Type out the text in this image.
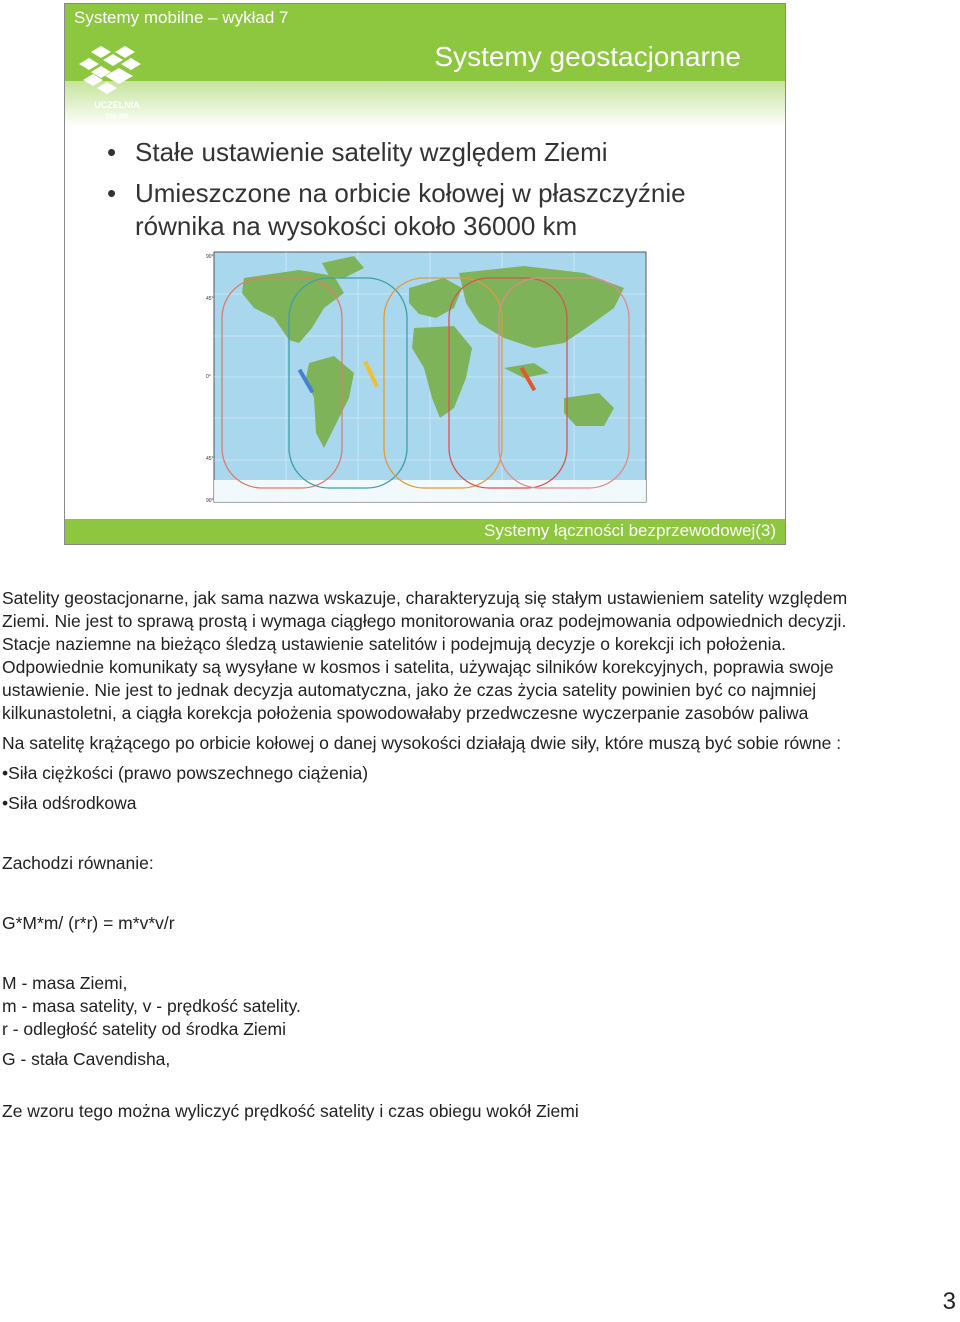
Systemy mobilne – wykład 7
Systemy geostacjonarne
UCZELNIA
ONLINE
• Stałe ustawienie satelity względem Ziemi
• Umieszczone na orbicie kołowej w płaszczyźnie równika na wysokości około 36000 km
90°
45°
0°
45°
90°
Systemy łączności bezprzewodowej(3)

Satelity geostacjonarne, jak sama nazwa wskazuje, charakteryzują się stałym ustawieniem satelity względem Ziemi. Nie jest to sprawą prostą i wymaga ciągłego monitorowania oraz podejmowania odpowiednich decyzji. Stacje naziemne na bieżąco śledzą ustawienie satelitów i podejmują decyzje o korekcji ich położenia. Odpowiednie komunikaty są wysyłane w kosmos i satelita, używając silników korekcyjnych, poprawia swoje ustawienie. Nie jest to jednak decyzja automatyczna, jako że czas życia satelity powinien być co najmniej kilkunastoletni, a ciągła korekcja położenia spowodowałaby przedwczesne wyczerpanie zasobów paliwa

Na satelitę krążącego po orbicie kołowej o danej wysokości działają dwie siły, które muszą być sobie równe :

•Siła ciężkości (prawo powszechnego ciążenia)

•Siła odśrodkowa

Zachodzi równanie:

G*M*m/ (r*r) = m*v*v/r

M - masa Ziemi,

m - masa satelity, v - prędkość satelity.

r - odległość satelity od środka Ziemi

G - stała Cavendisha,

Ze wzoru tego można wyliczyć prędkość satelity i czas obiegu wokół Ziemi

3
